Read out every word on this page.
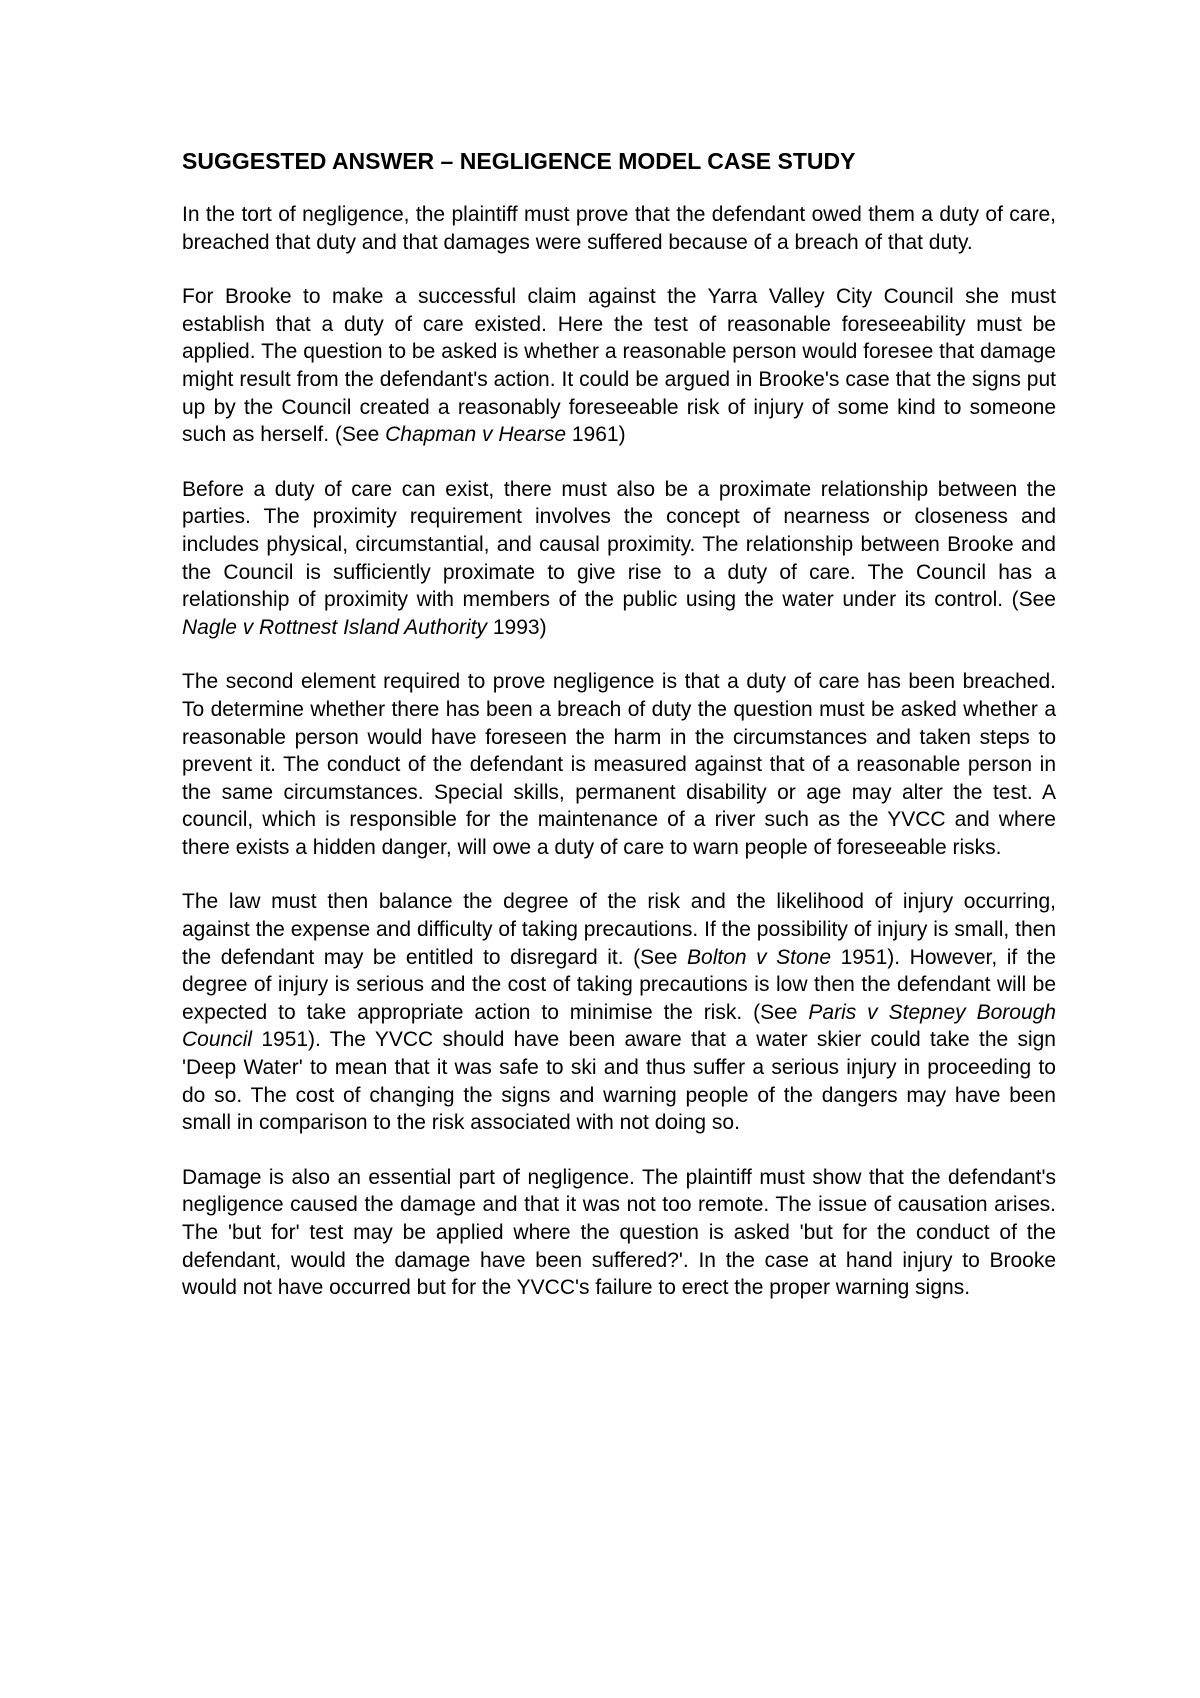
SUGGESTED ANSWER – NEGLIGENCE MODEL CASE STUDY

In the tort of negligence, the plaintiff must prove that the defendant owed them a duty of care, breached that duty and that damages were suffered because of a breach of that duty.

For Brooke to make a successful claim against the Yarra Valley City Council she must establish that a duty of care existed. Here the test of reasonable foreseeability must be applied. The question to be asked is whether a reasonable person would foresee that damage might result from the defendant's action. It could be argued in Brooke's case that the signs put up by the Council created a reasonably foreseeable risk of injury of some kind to someone such as herself. (See Chapman v Hearse 1961)

Before a duty of care can exist, there must also be a proximate relationship between the parties. The proximity requirement involves the concept of nearness or closeness and includes physical, circumstantial, and causal proximity. The relationship between Brooke and the Council is sufficiently proximate to give rise to a duty of care. The Council has a relationship of proximity with members of the public using the water under its control. (See Nagle v Rottnest Island Authority 1993)

The second element required to prove negligence is that a duty of care has been breached. To determine whether there has been a breach of duty the question must be asked whether a reasonable person would have foreseen the harm in the circumstances and taken steps to prevent it. The conduct of the defendant is measured against that of a reasonable person in the same circumstances. Special skills, permanent disability or age may alter the test. A council, which is responsible for the maintenance of a river such as the YVCC and where there exists a hidden danger, will owe a duty of care to warn people of foreseeable risks.

The law must then balance the degree of the risk and the likelihood of injury occurring, against the expense and difficulty of taking precautions. If the possibility of injury is small, then the defendant may be entitled to disregard it. (See Bolton v Stone 1951). However, if the degree of injury is serious and the cost of taking precautions is low then the defendant will be expected to take appropriate action to minimise the risk. (See Paris v Stepney Borough Council 1951). The YVCC should have been aware that a water skier could take the sign 'Deep Water' to mean that it was safe to ski and thus suffer a serious injury in proceeding to do so. The cost of changing the signs and warning people of the dangers may have been small in comparison to the risk associated with not doing so.

Damage is also an essential part of negligence. The plaintiff must show that the defendant's negligence caused the damage and that it was not too remote. The issue of causation arises. The 'but for' test may be applied where the question is asked 'but for the conduct of the defendant, would the damage have been suffered?'. In the case at hand injury to Brooke would not have occurred but for the YVCC's failure to erect the proper warning signs.
